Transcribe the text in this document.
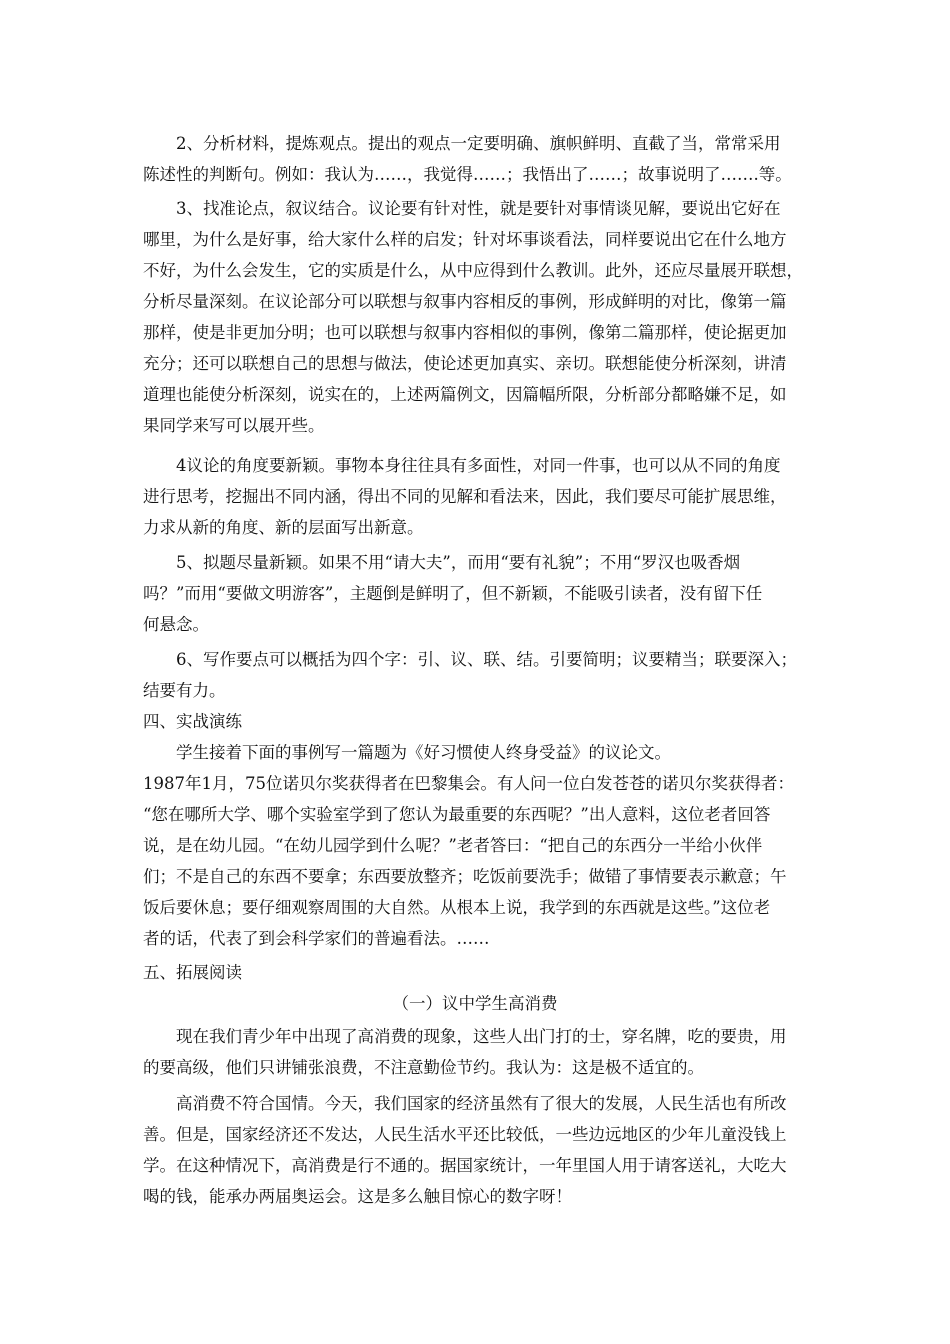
　　2、分析材料，提炼观点。提出的观点一定要明确、旗帜鲜明、直截了当，常常采用
陈述性的判断句。例如：我认为……，我觉得……；我悟出了……；故事说明了…….等。
　　3、找准论点，叙议结合。议论要有针对性，就是要针对事情谈见解，要说出它好在
哪里，为什么是好事，给大家什么样的启发；针对坏事谈看法，同样要说出它在什么地方
不好，为什么会发生，它的实质是什么，从中应得到什么教训。此外，还应尽量展开联想，
分析尽量深刻。在议论部分可以联想与叙事内容相反的事例，形成鲜明的对比，像第一篇
那样，使是非更加分明；也可以联想与叙事内容相似的事例，像第二篇那样，使论据更加
充分；还可以联想自己的思想与做法，使论述更加真实、亲切。联想能使分析深刻，讲清
道理也能使分析深刻，说实在的，上述两篇例文，因篇幅所限，分析部分都略嫌不足，如
果同学来写可以展开些。
　　4议论的角度要新颖。事物本身往往具有多面性，对同一件事，也可以从不同的角度
进行思考，挖掘出不同内涵，得出不同的见解和看法来，因此，我们要尽可能扩展思维，
力求从新的角度、新的层面写出新意。
　　5、拟题尽量新颖。如果不用“请大夫”，而用“要有礼貌”；不用“罗汉也吸香烟
吗？”而用“要做文明游客”，主题倒是鲜明了，但不新颖，不能吸引读者，没有留下任
何悬念。
　　6、写作要点可以概括为四个字：引、议、联、结。引要简明；议要精当；联要深入；
结要有力。
四、实战演练
　　学生接着下面的事例写一篇题为《好习惯使人终身受益》的议论文。
1987年1月，75位诺贝尔奖获得者在巴黎集会。有人问一位白发苍苍的诺贝尔奖获得者：
“您在哪所大学、哪个实验室学到了您认为最重要的东西呢？”出人意料，这位老者回答
说，是在幼儿园。“在幼儿园学到什么呢？”老者答曰：“把自己的东西分一半给小伙伴
们；不是自己的东西不要拿；东西要放整齐；吃饭前要洗手；做错了事情要表示歉意；午
饭后要休息；要仔细观察周围的大自然。从根本上说，我学到的东西就是这些。”这位老
者的话，代表了到会科学家们的普遍看法。……
五、拓展阅读
（一）议中学生高消费
　　现在我们青少年中出现了高消费的现象，这些人出门打的士，穿名牌，吃的要贵，用
的要高级，他们只讲铺张浪费，不注意勤俭节约。我认为：这是极不适宜的。
　　高消费不符合国情。今天，我们国家的经济虽然有了很大的发展，人民生活也有所改
善。但是，国家经济还不发达，人民生活水平还比较低，一些边远地区的少年儿童没钱上
学。在这种情况下，高消费是行不通的。据国家统计，一年里国人用于请客送礼，大吃大
喝的钱，能承办两届奥运会。这是多么触目惊心的数字呀！
